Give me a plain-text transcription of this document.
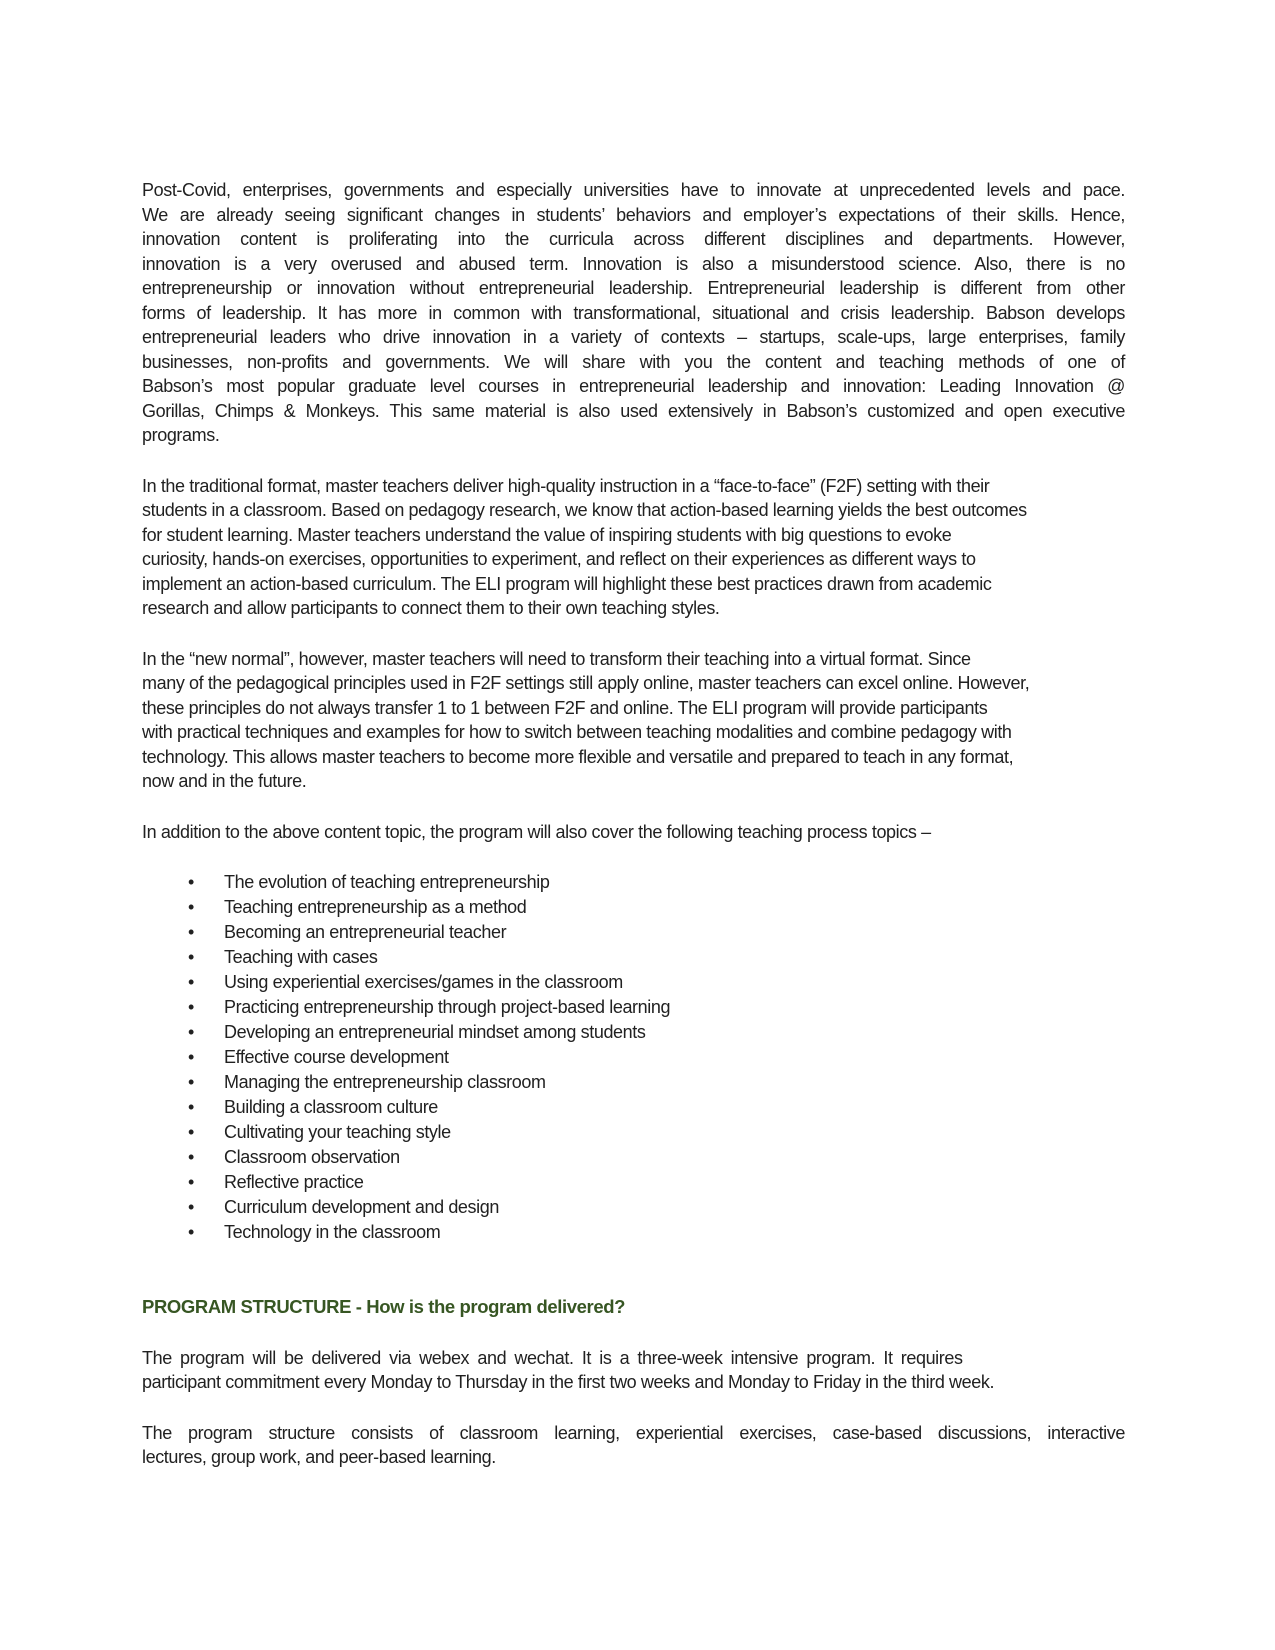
Post-Covid, enterprises, governments and especially universities have to innovate at unprecedented levels and pace.
We are already seeing significant changes in students’ behaviors and employer’s expectations of their skills. Hence,
innovation content is proliferating into the curricula across different disciplines and departments. However,
innovation is a very overused and abused term. Innovation is also a misunderstood science. Also, there is no
entrepreneurship or innovation without entrepreneurial leadership. Entrepreneurial leadership is different from other
forms of leadership. It has more in common with transformational, situational and crisis leadership. Babson develops
entrepreneurial leaders who drive innovation in a variety of contexts – startups, scale-ups, large enterprises, family
businesses, non-profits and governments. We will share with you the content and teaching methods of one of
Babson’s most popular graduate level courses in entrepreneurial leadership and innovation: Leading Innovation @
Gorillas, Chimps & Monkeys. This same material is also used extensively in Babson’s customized and open executive
programs.

In the traditional format, master teachers deliver high-quality instruction in a “face-to-face” (F2F) setting with their
students in a classroom. Based on pedagogy research, we know that action-based learning yields the best outcomes
for student learning. Master teachers understand the value of inspiring students with big questions to evoke
curiosity, hands-on exercises, opportunities to experiment, and reflect on their experiences as different ways to
implement an action-based curriculum. The ELI program will highlight these best practices drawn from academic
research and allow participants to connect them to their own teaching styles.

In the “new normal”, however, master teachers will need to transform their teaching into a virtual format. Since
many of the pedagogical principles used in F2F settings still apply online, master teachers can excel online. However,
these principles do not always transfer 1 to 1 between F2F and online. The ELI program will provide participants
with practical techniques and examples for how to switch between teaching modalities and combine pedagogy with
technology. This allows master teachers to become more flexible and versatile and prepared to teach in any format,
now and in the future.

In addition to the above content topic, the program will also cover the following teaching process topics –

•	The evolution of teaching entrepreneurship
•	Teaching entrepreneurship as a method
•	Becoming an entrepreneurial teacher
•	Teaching with cases
•	Using experiential exercises/games in the classroom
•	Practicing entrepreneurship through project-based learning
•	Developing an entrepreneurial mindset among students
•	Effective course development
•	Managing the entrepreneurship classroom
•	Building a classroom culture
•	Cultivating your teaching style
•	Classroom observation
•	Reflective practice
•	Curriculum development and design
•	Technology in the classroom
PROGRAM STRUCTURE - How is the program delivered?

The program will be delivered via webex and wechat. It is a three-week intensive program. It requires
participant commitment every Monday to Thursday in the first two weeks and Monday to Friday in the third week.

The program structure consists of classroom learning, experiential exercises, case-based discussions, interactive
lectures, group work, and peer-based learning.
